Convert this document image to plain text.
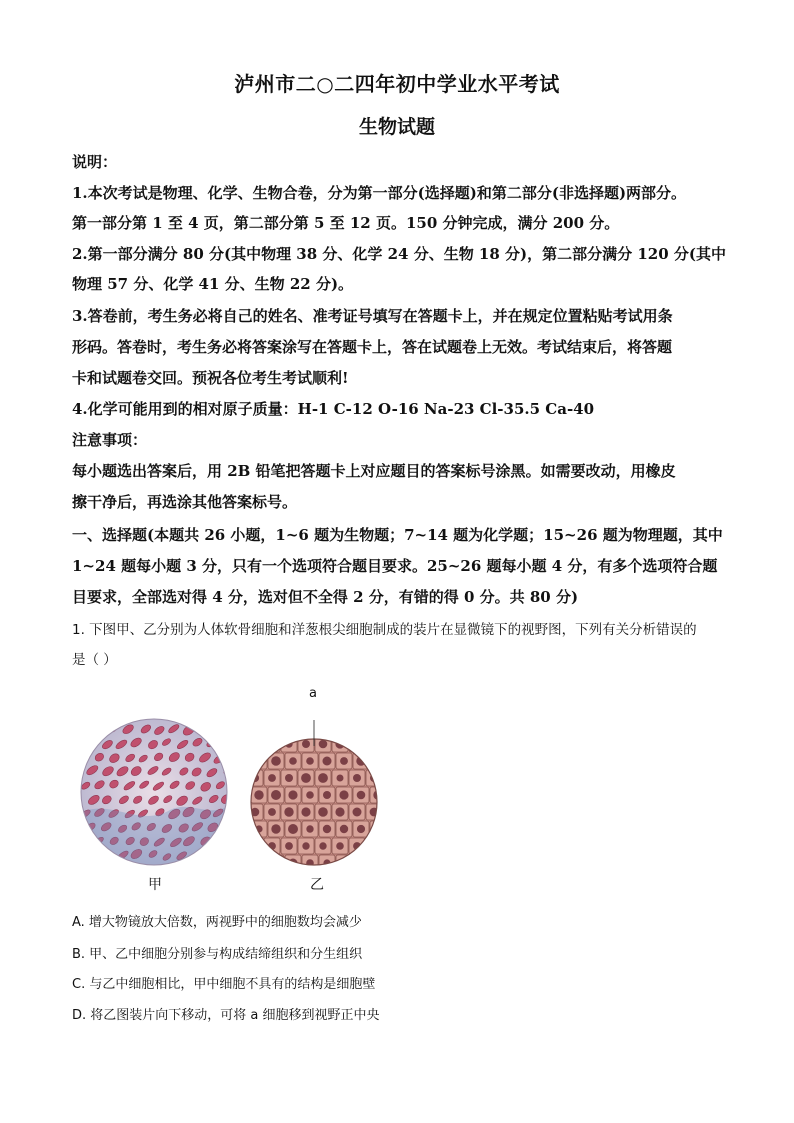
泸州市二○二四年初中学业水平考试
生物试题
说明：
1.本次考试是物理、化学、生物合卷，分为第一部分(选择题)和第二部分(非选择题)两部分。
第一部分第 1 至 4 页，第二部分第 5 至 12 页。150 分钟完成，满分 200 分。
2.第一部分满分 80 分(其中物理 38 分、化学 24 分、生物 18 分)，第二部分满分 120 分(其中
物理 57 分、化学 41 分、生物 22 分)。
3.答卷前，考生务必将自己的姓名、准考证号填写在答题卡上，并在规定位置粘贴考试用条
形码。答卷时，考生务必将答案涂写在答题卡上，答在试题卷上无效。考试结束后，将答题
卡和试题卷交回。预祝各位考生考试顺利!
4.化学可能用到的相对原子质量：H-1 C-12 O-16 Na-23 Cl-35.5 Ca-40
注意事项：
每小题选出答案后，用 2B 铅笔把答题卡上对应题目的答案标号涂黑。如需要改动，用橡皮
擦干净后，再选涂其他答案标号。
一、选择题(本题共 26 小题，1~6 题为生物题；7~14 题为化学题；15~26 题为物理题，其中
1~24 题每小题 3 分，只有一个选项符合题目要求。25~26 题每小题 4 分，有多个选项符合题
目要求，全部选对得 4 分，选对但不全得 2 分，有错的得 0 分。共 80 分)
1. 下图甲、乙分别为人体软骨细胞和洋葱根尖细胞制成的装片在显微镜下的视野图，下列有关分析错误的
是（ ）
a
甲	乙
A. 增大物镜放大倍数，两视野中的细胞数均会减少
B. 甲、乙中细胞分别参与构成结缔组织和分生组织
C. 与乙中细胞相比，甲中细胞不具有的结构是细胞壁
D. 将乙图装片向下移动，可将 a 细胞移到视野正中央
